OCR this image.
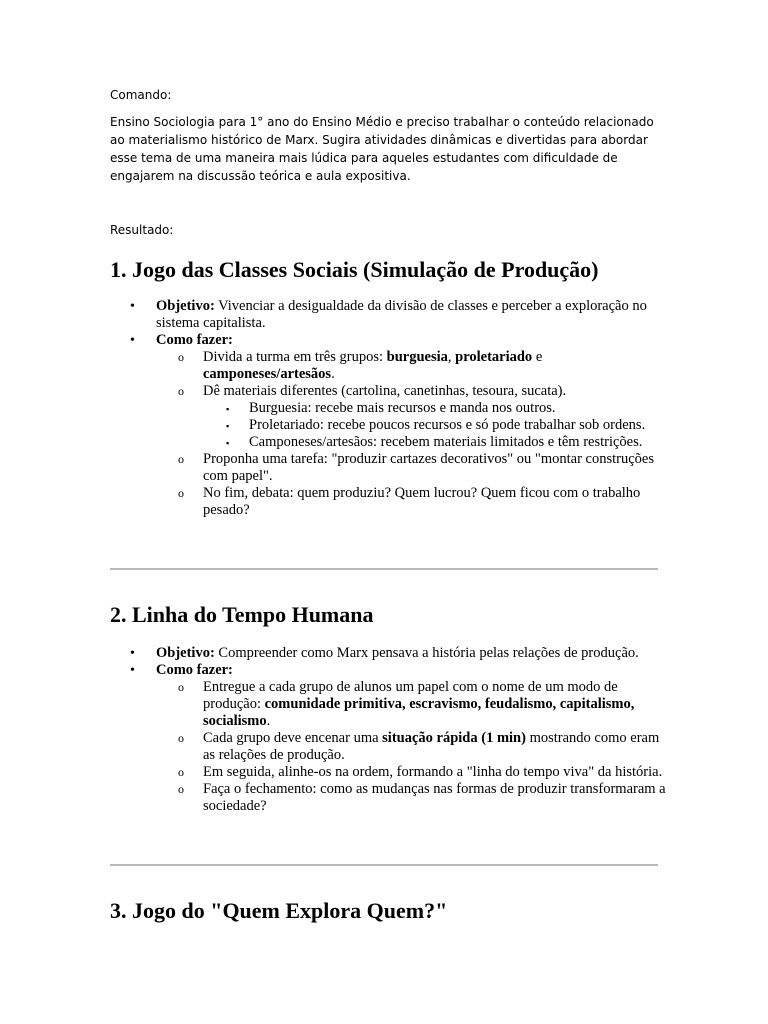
Comando:
Ensino Sociologia para 1° ano do Ensino Médio e preciso trabalhar o conteúdo relacionado ao materialismo histórico de Marx. Sugira atividades dinâmicas e divertidas para abordar esse tema de uma maneira mais lúdica para aqueles estudantes com dificuldade de engajarem na discussão teórica e aula expositiva.
Resultado:
1. Jogo das Classes Sociais (Simulação de Produção)
• Objetivo: Vivenciar a desigualdade da divisão de classes e perceber a exploração no sistema capitalista.
• Como fazer:
o Divida a turma em três grupos: burguesia, proletariado e camponeses/artesãos.
o Dê materiais diferentes (cartolina, canetinhas, tesoura, sucata).
▪ Burguesia: recebe mais recursos e manda nos outros.
▪ Proletariado: recebe poucos recursos e só pode trabalhar sob ordens.
▪ Camponeses/artesãos: recebem materiais limitados e têm restrições.
o Proponha uma tarefa: "produzir cartazes decorativos" ou "montar construções com papel".
o No fim, debata: quem produziu? Quem lucrou? Quem ficou com o trabalho pesado?
2. Linha do Tempo Humana
• Objetivo: Compreender como Marx pensava a história pelas relações de produção.
• Como fazer:
o Entregue a cada grupo de alunos um papel com o nome de um modo de produção: comunidade primitiva, escravismo, feudalismo, capitalismo, socialismo.
o Cada grupo deve encenar uma situação rápida (1 min) mostrando como eram as relações de produção.
o Em seguida, alinhe-os na ordem, formando a "linha do tempo viva" da história.
o Faça o fechamento: como as mudanças nas formas de produzir transformaram a sociedade?
3. Jogo do "Quem Explora Quem?"
